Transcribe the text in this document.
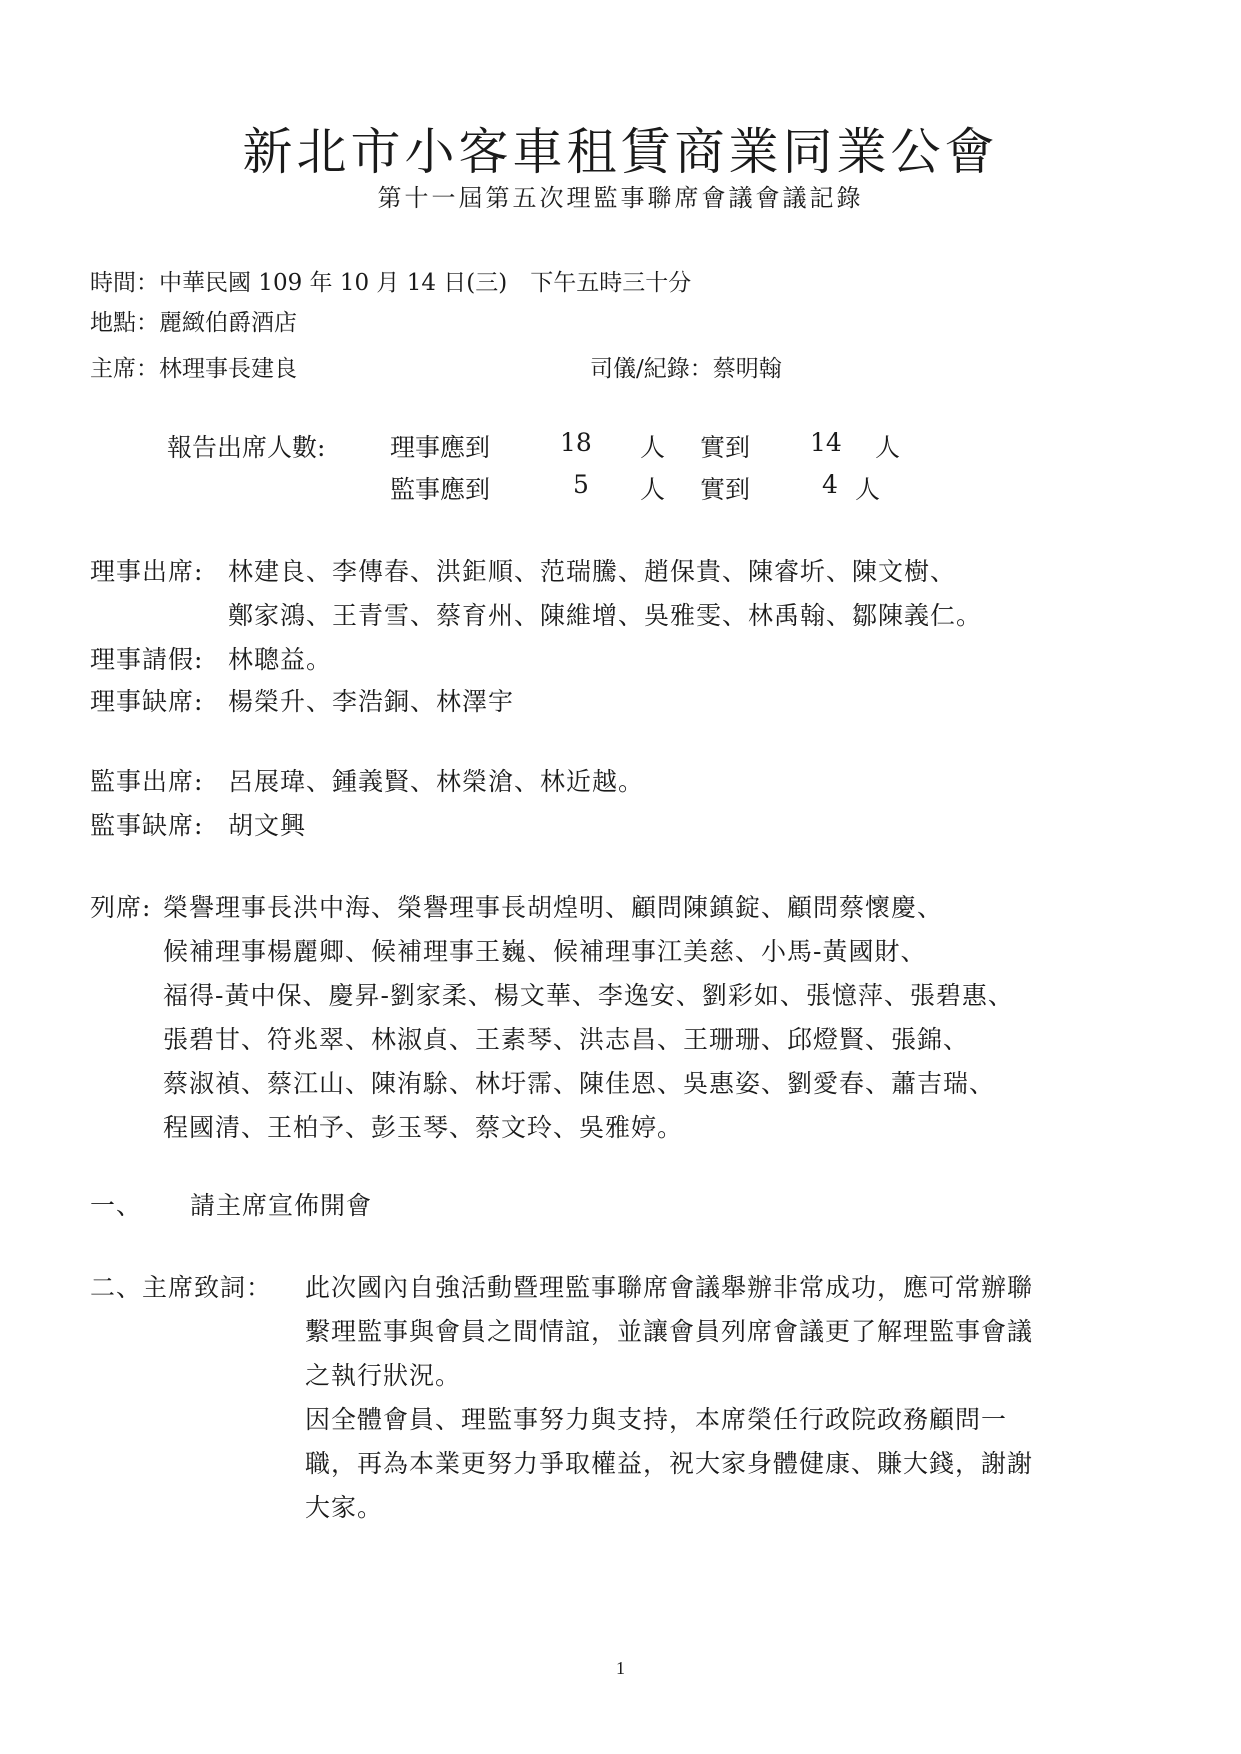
新北市小客車租賃商業同業公會
第十一屆第五次理監事聯席會議會議記錄
時間：中華民國 109 年 10 月 14 日(三)　下午五時三十分
地點：麗緻伯爵酒店
主席：林理事長建良	司儀/紀錄：蔡明翰
報告出席人數:	理事應到	18 人 實到 14 人
監事應到	5 人 實到	4 人
理事出席: 林建良、李傳春、洪鉅順、范瑞騰、趙保貴、陳睿圻、陳文樹、
鄭家鴻、王青雪、蔡育州、陳維增、吳雅雯、林禹翰、鄒陳義仁。
理事請假: 林聰益。
理事缺席: 楊榮升、李浩銅、林澤宇
監事出席: 呂展瑋、鍾義賢、林榮滄、林近越。
監事缺席: 胡文興
列席: 榮譽理事長洪中海、榮譽理事長胡煌明、顧問陳鎮錠、顧問蔡懷慶、
候補理事楊麗卿、候補理事王巍、候補理事江美慈、小馬-黃國財、
福得-黃中保、慶昇-劉家柔、楊文華、李逸安、劉彩如、張憶萍、張碧惠、
張碧甘、符兆翠、林淑貞、王素琴、洪志昌、王珊珊、邱燈賢、張錦、
蔡淑禎、蔡江山、陳洧駼、林圩霈、陳佳恩、吳惠姿、劉愛春、蕭吉瑞、
程國清、王柏予、彭玉琴、蔡文玲、吳雅婷。
一、 請主席宣佈開會
二、主席致詞： 此次國內自強活動暨理監事聯席會議舉辦非常成功，應可常辦聯
繫理監事與會員之間情誼，並讓會員列席會議更了解理監事會議
之執行狀況。
因全體會員、理監事努力與支持，本席榮任行政院政務顧問一
職，再為本業更努力爭取權益，祝大家身體健康、賺大錢，謝謝
大家。
1
